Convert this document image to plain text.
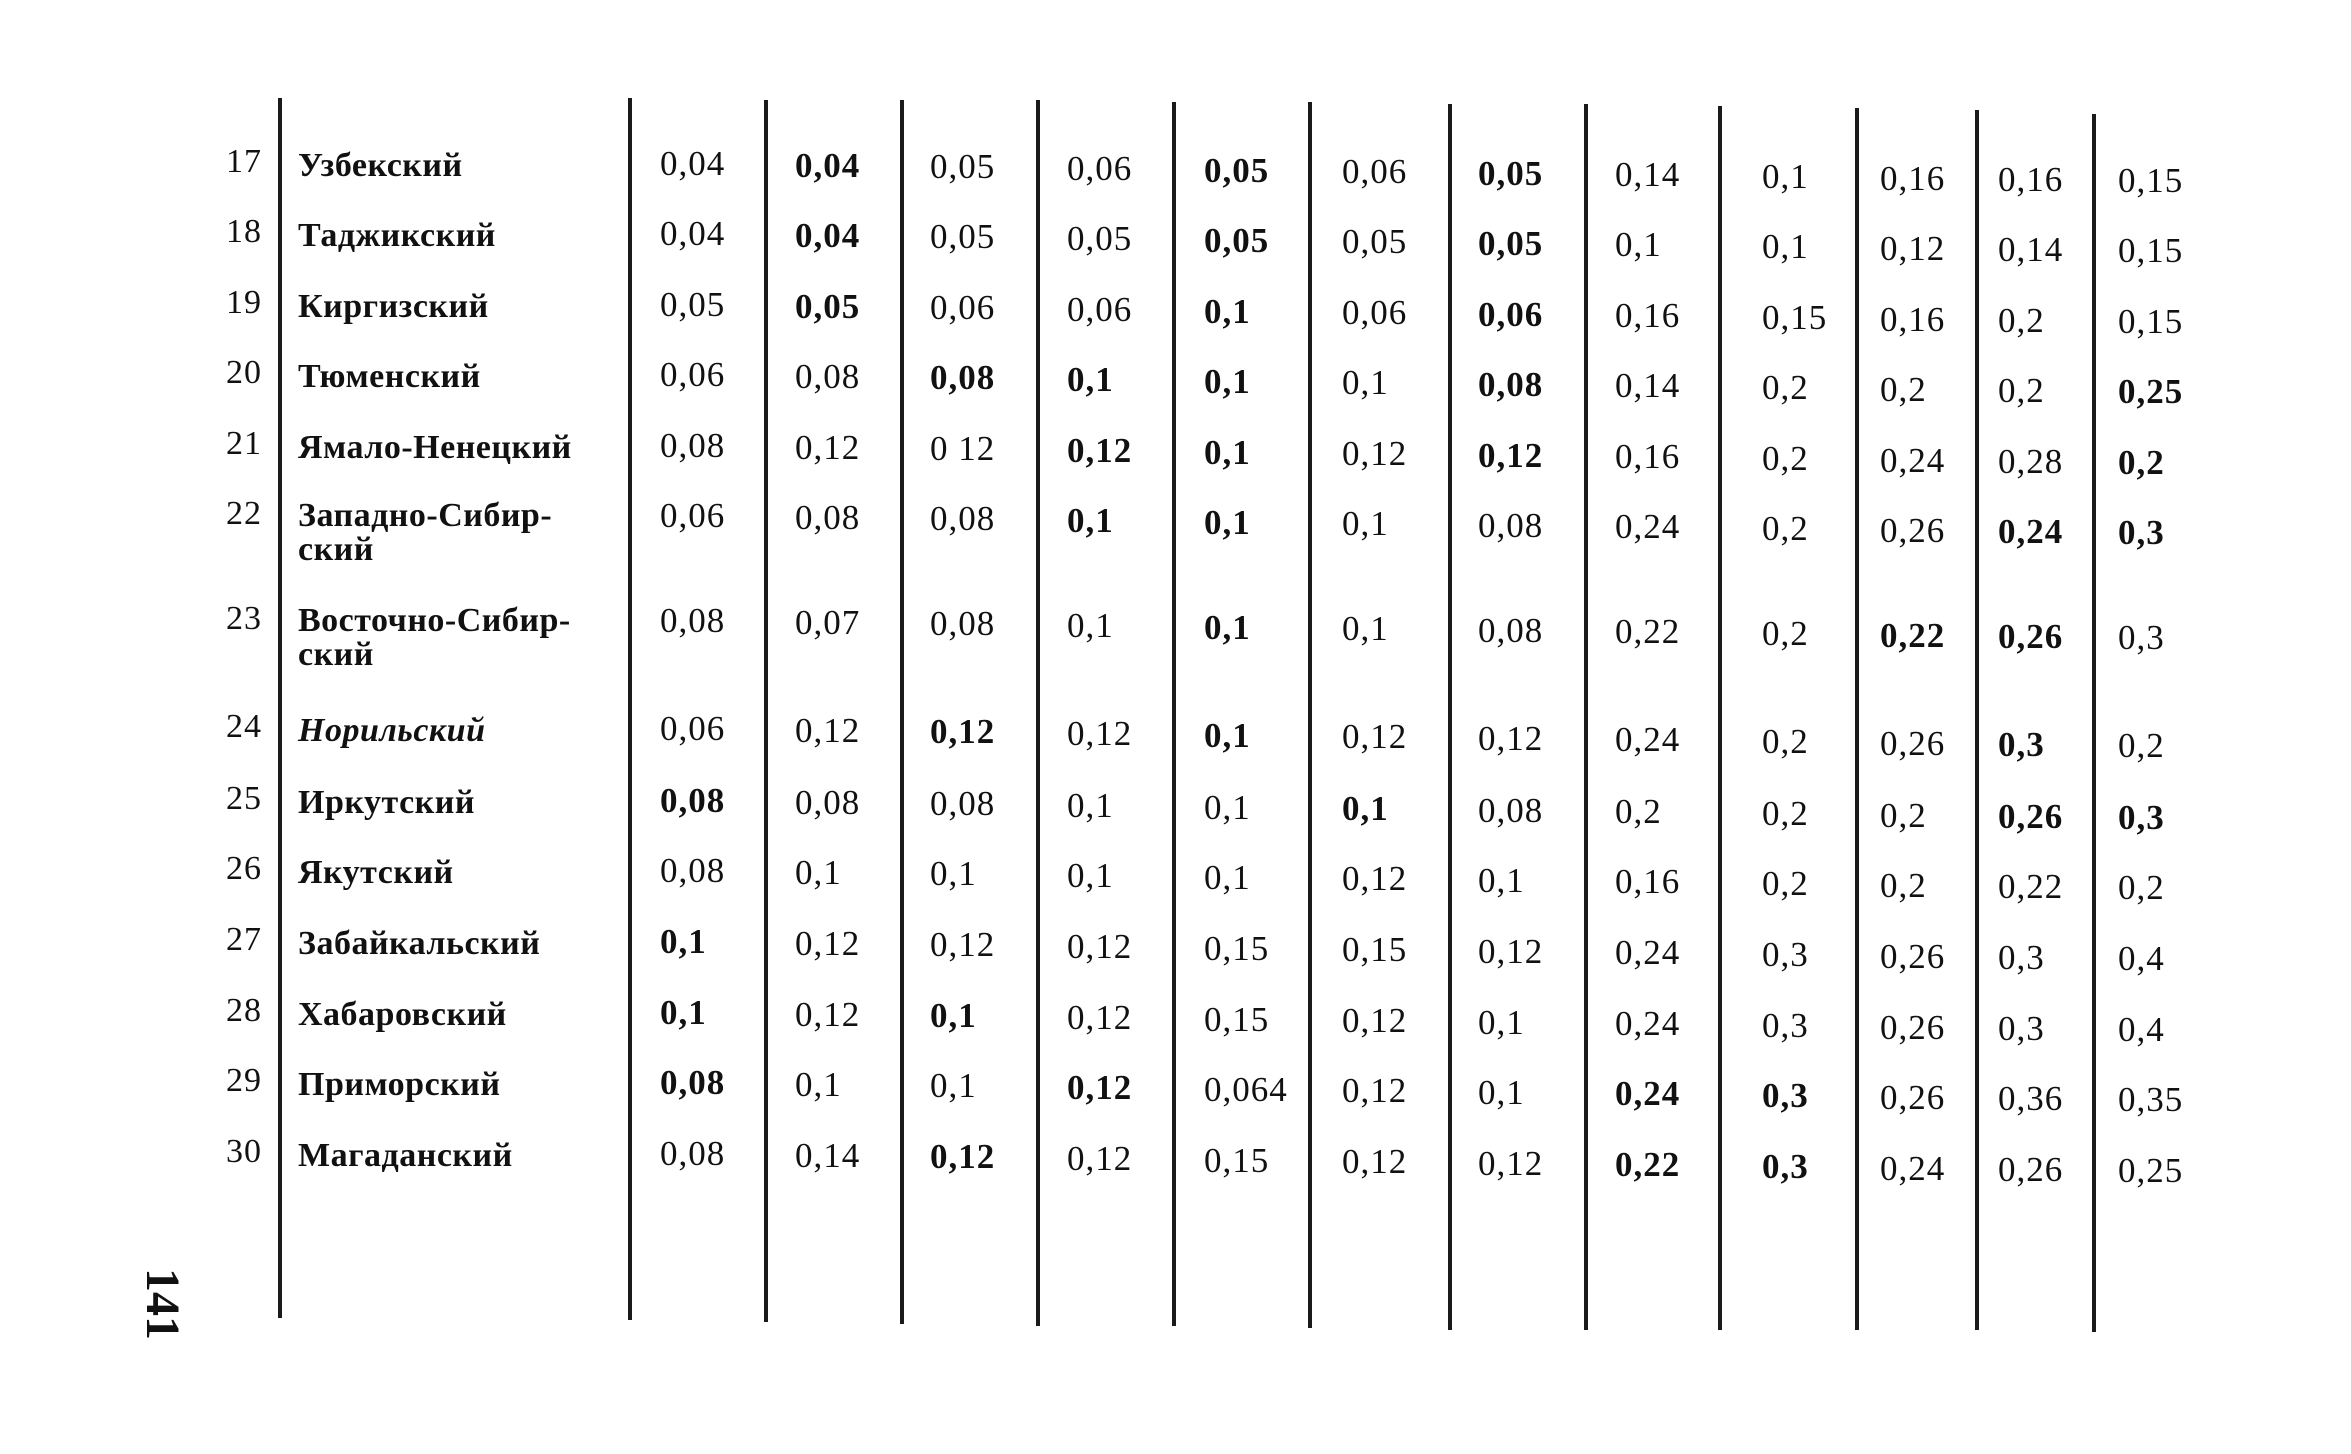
17 Узбекский	0,04 0,04 0,05 0,06 0,05 0,06 0,05 0,14 0,1 0,16 0,16 0,15
18 Таджикский	0,04 0,04 0,05 0,05 0,05 0,05 0,05 0,1	0,1 0,12 0,14 0,15
19 Киргизский	0,05 0,05 0,06 0,06 0,1	0,06 0,06 0,16 0,15 0,16 0,2 0,15
20 Тюменский	0,06 0,08 0,08 0,1	0,1	0,1	0,08 0,14 0,2 0,2 0,2 0,25
21 Ямало-Ненецкий	0,08 0,12 0 12 0,12 0,1	0,12 0,12 0,16 0,2 0,24 0,28 0,2
22 Западно-Сибир-
ский
0,06 0,08 0,08 0,1	0,1	0,1	0,08 0,24 0,2 0,26 0,24 0,3
23 Восточно-Сибир-
ский
0,08 0,07 0,08 0,1	0,1	0,1	0,08 0,22 0,2 0,22 0,26 0,3
24 Норильский	0,06 0,12 0,12 0,12 0,1	0,12 0,12 0,24 0,2 0,26 0,3 0,2
25 Иркутский	0,08 0,08 0,08 0,1	0,1	0,1	0,08 0,2	0,2 0,2 0,26 0,3
26 Якутский	0,08 0,1	0,1	0,1	0,1	0,12 0,1	0,16 0,2 0,2 0,22 0,2
27 Забайкальский	0,1	0,12 0,12 0,12 0,15 0,15 0,12 0,24 0,3 0,26 0,3 0,4
28 Хабаровский	0,1	0,12 0,1	0,12 0,15 0,12 0,1	0,24 0,3 0,26 0,3 0,4
29 Приморский	0,08 0,1	0,1	0,12 0,064 0,12 0,1	0,24 0,3 0,26 0,36 0,35
30 Магаданский	0,08 0,14 0,12 0,12 0,15 0,12 0,12 0,22 0,3 0,24 0,26 0,25
141
